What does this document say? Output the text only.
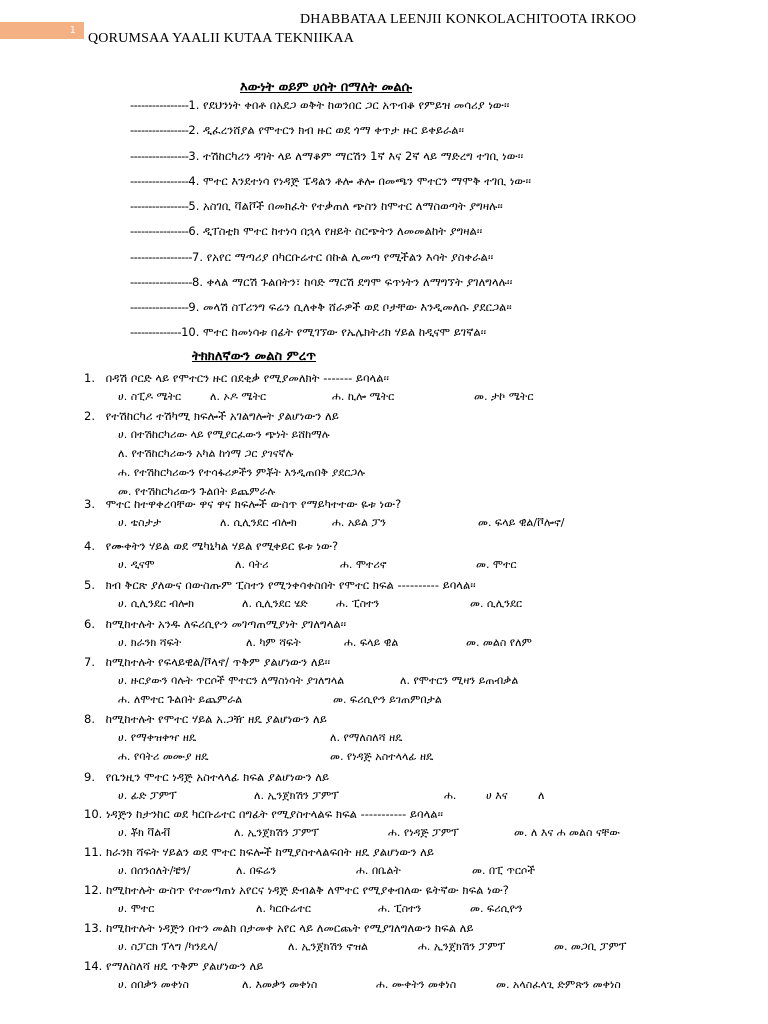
1
DHABBATAA LEENJII KONKOLACHITOOTA IRKOO
QORUMSAA YAALII KUTAA TEKNIIKAA
እውነት ወይም ሀሰት በማለት መልሱ
----------------1. የደህንነት ቀበቶ በአደጋ ወቅት ከወንበር ጋር አጥብቆ የምይዝ መሳሪያ ነው፡፡
----------------2. ዲፈረንሸያል የሞተርን ክብ ዙር ወደ ጎማ ቀጥታ ዙር ይቀይራል፡፡
----------------3. ተሽከርካሪን ዳገት ላይ ለማቆም ማርሽን 1ኛ እና 2ኛ ላይ ማድረግ ተገቢ ነው፡፡
----------------4. ሞተር እንደተነሳ የነዳጅ ፔዳልን ቶሎ ቶሎ በመጫን ሞተርን ማሞቅ ተገቢ ነው፡፡
----------------5. አስገቢ ቫልቮች በመክፈት የተቃጠለ ጭስን ከሞተር ለማስወጣት ያግዛሉ፡፡
----------------6. ዲፐስቲክ ሞተር ከተነሳ በኋላ የዘይት ስርጭትን ለመመልከት ያግዛል፡፡
-----------------7. የአየር ማጣሪያ በካርቡሬተር በኩል ሊመጣ የሚችልን እሳት ያስቀራል፡፡
-----------------8. ቀላል ማርሽ ጉልበትን፣ ከባድ ማርሽ ደግሞ ፍጥነትን ለማግኘት ያገለግላሉ፡፡
----------------9. መላሽ ስፐሪንግ ፍሬን ሲለቀቅ ሸራዎች ወደ ቦታቸው እንዲመለሱ ያደርጋል፡፡
--------------10. ሞተር ከመነሳቱ በፊት የሚገኘው የኤሌክትሪክ ሃይል ከዲናሞ ይገኛል፡፡
ትክክለኛውን መልስ ምረጥ
1. በዳሽ ቦርድ ላይ የሞተርን ዙር በደቂቃ የሚያመለክት ------- ይባላል፡፡
ሀ. ስፒዶ ሜትር	ለ. ኦዶ ሜትር	ሐ. ኪሎ ሜትር	መ. ታኮ ሜትር
2. የተሽከርካሪ ተሽካሚ ክፍሎች አገልግሎት ያልሆነውን ለይ
ሀ. በተሽከርካሪው ላይ የሚያርፈውን ጭነት ይሸከማሉ
ለ. የተሽከርካሪውን አካል ከጎማ ጋር ያገናኛሉ
ሐ. የተሽከርካሪውን የተሳፋሪዎችን ምቾት እንዲጠበቅ ያደርጋሉ
መ. የተሽከርካሪውን ጉልበት ይጨምራሉ
3. ሞተር ከተዋቀረባቸው ዋና ዋና ክፍሎች ውስጥ የማይካተተው ዬቱ ነው?
ሀ. ቴስታታ	ለ. ሲሊንደር ብሎክ	ሐ. አይል ፓን	መ. ፍላይ ዊል/ቮሎኖ/
4. የሙቀትን ሃይል ወደ ሜካኒካል ሃይል የሚቀይር ዬቱ ነው?
ሀ. ዲናሞ	ለ. ባትሪ	ሐ. ሞተሪኖ	መ. ሞተር
5. ክብ ቅርጽ ያለውና በውስጡም ፒስተን የሚንቀሳቀስበት የሞተር ክፍል ---------- ይባላል፡፡
ሀ. ሲሊንደር ብሎክ	ለ. ሲሊንደር ሄድ	ሐ. ፒስተን	መ. ሲሊንደር
6. ከሚከተሉት አንዱ ለፍሪሲዮን መገጣጠሚያነት ያገለግላል፡፡
ሀ. ክራንክ ሻፍት	ለ. ካም ሻፍት	ሐ. ፍላይ ዊል	መ. መልስ የለም
7. ከሚከተሉት የፍላይዊል/ቮላኖ/ ጥቅም ያልሆነውን ለይ፡፡
ሀ. ዙርያውን ባሉት ጥርሶች ሞተርን ለማስነሳት ያገለግላል	ለ. የሞተርን ሚዛን ይጠብቃል
ሐ. ለሞተር ጉልበት ይጨምራል	መ. ፍሪሲዮን ይገጠምበታል
8. ከሚከተሉት የሞተር ሃይል አ.ጋዥ ዘዴ ያልሆነውን ለይ
ሀ. የማቀዝቀዣ ዘዴ	ለ. የማለስለሻ ዘዴ
ሐ. የባትሪ መሙያ ዘዴ	መ. የነዳጅ አስተላላፊ ዘዴ
9. የቤንዚን ሞተር ነዳጅ አስተላላፊ ክፍል ያልሆነውን ለይ
ሀ. ፊድ ፓምፕ	ለ. ኢንጀክሽን ፓምፕ	ሐ.	ሀ እና	ለ
10. ነዳጅን ከታንከር ወደ ካርቡሬተር በግፊት የሚያስተላልፍ ክፍል ----------- ይባላል፡፡
ሀ. ቾክ ቫልቭ	ለ. ኢንጀክሽን ፓምፕ	ሐ. የነዳጅ ፓምፕ	መ. ለ እና ሐ መልስ ናቸው
11. ክራንክ ሻፍት ሃይልን ወደ ሞተር ክፍሎች ከሚያስተላልፍበት ዘዴ ያልሆነውን ለይ
ሀ. በሰንሰለት/ቼን/	ለ. በፍሬን	ሐ. በቤልት	መ. በፒ ጥርሶች
12. ከሚከተሉት ውስጥ የተመጣጠነ አየርና ነዳጅ ድብልቅ ለሞተር የሚያቀብለው ዬትኛው ክፍል ነው?
ሀ. ሞተር	ለ. ካርቡሬተር	ሐ. ፒስተን	መ. ፍሪሲዮን
13. ከሚከተሉት ነዳጅን በተን መልክ በታመቀ አየር ላይ ለመርጨት የሚያገለግለውን ክፍል ለይ
ሀ. ስፓርክ ፕላግ /ካንዴላ/	ለ. ኢንጀክሽን ኖዝል	ሐ. ኢንጀክሽን ፓምፕ	መ. መጋቢ ፓምፕ
14. የማለስለሻ ዘዴ ጥቅም ያልሆነውን ለይ
ሀ. ሰበቃን መቀነስ	ለ. እመቃን መቀነስ	ሐ. ሙቀትን መቀነስ	መ. አላስፈላጊ ድምጽን መቀነስ
